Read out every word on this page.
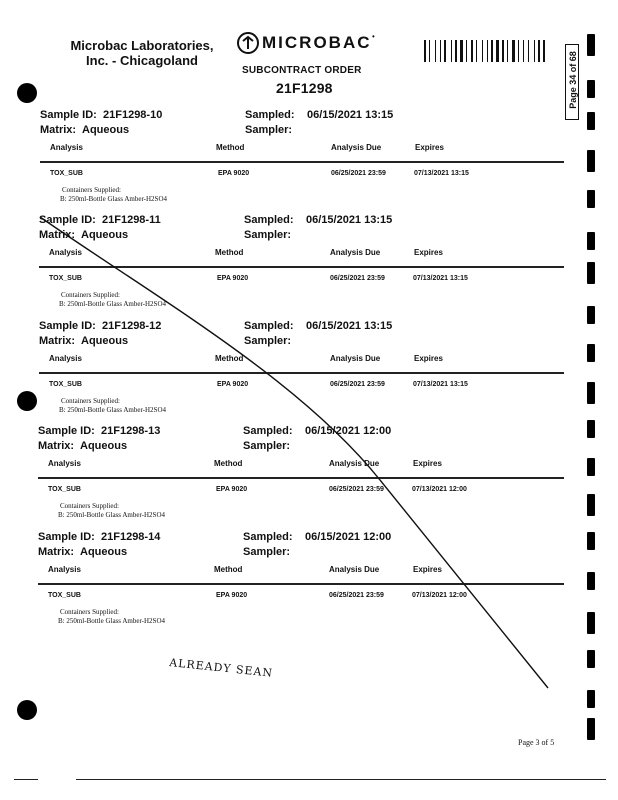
Microbac Laboratories, Inc. - Chicagoland
MICROBAC •
SUBCONTRACT ORDER
21F1298	Page 34 of 68
Sample ID: 21F1298-10	Sampled: 06/15/2021 13:15
Matrix: Aqueous	Sampler:
Analysis	Method	Analysis Due	Expires
TOX_SUB	EPA 9020	06/25/2021 23:59	07/13/2021 13:15
Containers Supplied:
B: 250ml-Bottle Glass Amber-H2SO4
Sample ID: 21F1298-11	Sampled: 06/15/2021 13:15
Matrix: Aqueous	Sampler:
Analysis	Method	Analysis Due	Expires
TOX_SUB	EPA 9020	06/25/2021 23:59	07/13/2021 13:15
Containers Supplied:
B: 250ml-Bottle Glass Amber-H2SO4
Sample ID: 21F1298-12	Sampled: 06/15/2021 13:15
Matrix: Aqueous	Sampler:
Analysis	Method	Analysis Due	Expires
TOX_SUB	EPA 9020	06/25/2021 23:59	07/13/2021 13:15
Containers Supplied:
B: 250ml-Bottle Glass Amber-H2SO4
Sample ID: 21F1298-13	Sampled: 06/15/2021 12:00
Matrix: Aqueous	Sampler:
Analysis	Method	Analysis Due	Expires
TOX_SUB	EPA 9020	06/25/2021 23:59	07/13/2021 12:00
Containers Supplied:
B: 250ml-Bottle Glass Amber-H2SO4
Sample ID: 21F1298-14	Sampled: 06/15/2021 12:00
Matrix: Aqueous	Sampler:
Analysis	Method	Analysis Due	Expires
TOX_SUB	EPA 9020	06/25/2021 23:59	07/13/2021 12:00
Containers Supplied:
B: 250ml-Bottle Glass Amber-H2SO4
ALREADY SEAN
Page 3 of 5
